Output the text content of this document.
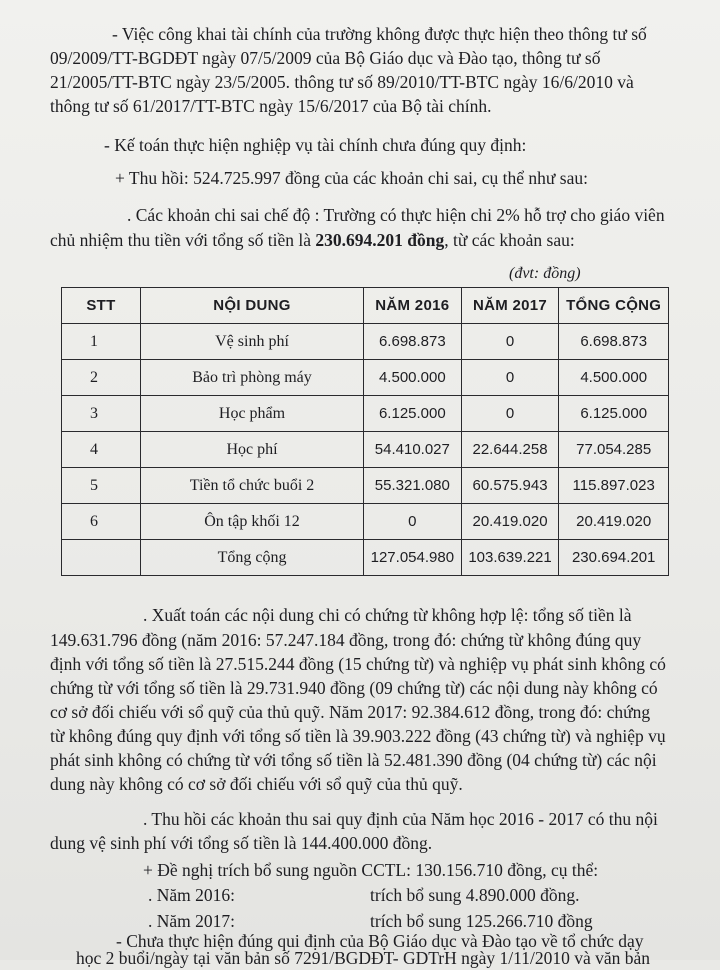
- Việc công khai tài chính của trường không được thực hiện theo thông tư số
09/2009/TT-BGDĐT ngày 07/5/2009 của Bộ Giáo dục và Đào tạo, thông tư số
21/2005/TT-BTC ngày 23/5/2005. thông tư số 89/2010/TT-BTC ngày 16/6/2010 và
thông tư số 61/2017/TT-BTC ngày 15/6/2017 của Bộ tài chính.
- Kế toán thực hiện nghiệp vụ tài chính chưa đúng quy định:
+ Thu hồi: 524.725.997 đồng của các khoản chi sai, cụ thể như sau:
. Các khoản chi sai chế độ : Trường có thực hiện chi 2% hỗ trợ cho giáo viên
chủ nhiệm thu tiền với tổng số tiền là 230.694.201 đồng, từ các khoản sau:
(đvt: đồng)
STT	NỘI DUNG	NĂM 2016	NĂM 2017	TỔNG CỘNG
1	Vệ sinh phí	6.698.873	0	6.698.873
2	Bảo trì phòng máy	4.500.000	0	4.500.000
3	Học phẩm	6.125.000	0	6.125.000
4	Học phí	54.410.027	22.644.258	77.054.285
5	Tiền tổ chức buổi 2	55.321.080	60.575.943	115.897.023
6	Ôn tập khối 12	0	20.419.020	20.419.020
	Tổng cộng	127.054.980	103.639.221	230.694.201
. Xuất toán các nội dung chi có chứng từ không hợp lệ: tổng số tiền là
149.631.796 đồng (năm 2016: 57.247.184 đồng, trong đó: chứng từ không đúng quy
định với tổng số tiền là 27.515.244 đồng (15 chứng từ) và nghiệp vụ phát sinh không có
chứng từ với tổng số tiền là 29.731.940 đồng (09 chứng từ) các nội dung này không có
cơ sở đối chiếu với sổ quỹ của thủ quỹ. Năm 2017: 92.384.612 đồng, trong đó: chứng
từ không đúng quy định với tổng số tiền là 39.903.222 đồng (43 chứng từ) và nghiệp vụ
phát sinh không có chứng từ với tổng số tiền là 52.481.390 đồng (04 chứng từ) các nội
dung này không có cơ sở đối chiếu với sổ quỹ của thủ quỹ.
. Thu hồi các khoản thu sai quy định của Năm học 2016 - 2017 có thu nội
dung vệ sinh phí với tổng số tiền là 144.400.000 đồng.
+ Đề nghị trích bổ sung nguồn CCTL: 130.156.710 đồng, cụ thể:
. Năm 2016:	trích bổ sung 4.890.000 đồng.
. Năm 2017:	trích bổ sung 125.266.710 đồng
- Chưa thực hiện đúng qui định của Bộ Giáo dục và Đào tạo về tổ chức dạy
học 2 buổi/ngày tại văn bản số 7291/BGDĐT- GDTrH ngày 1/11/2010 và văn bản
